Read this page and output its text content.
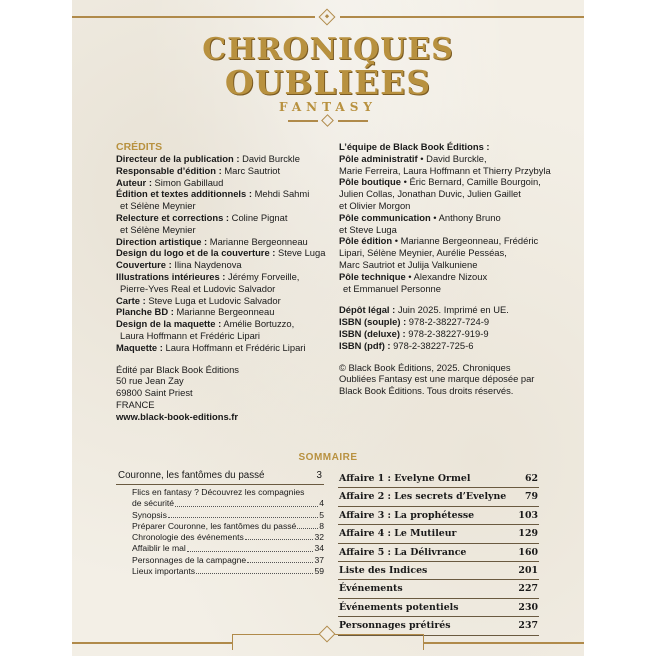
CHRONIQUES
OUBLIÉES
FANTASY
CRÉDITS
Directeur de la publication : David Burckle
Responsable d’édition : Marc Sautriot
Auteur : Simon Gabillaud
Édition et textes additionnels : Mehdi Sahmi
et Sélène Meynier
Relecture et corrections : Coline Pignat
et Sélène Meynier
Direction artistique : Marianne Bergeonneau
Design du logo et de la couverture : Steve Luga
Couverture : Ilina Naydenova
Illustrations intérieures : Jérémy Forveille,
Pierre-Yves Real et Ludovic Salvador
Carte : Steve Luga et Ludovic Salvador
Planche BD : Marianne Bergeonneau
Design de la maquette : Amélie Bortuzzo,
Laura Hoffmann et Frédéric Lipari
Maquette : Laura Hoffmann et Frédéric Lipari
Édité par Black Book Éditions
50 rue Jean Zay
69800 Saint Priest
FRANCE
www.black-book-editions.fr
L’équipe de Black Book Éditions :
Pôle administratif • David Burckle,
Marie Ferreira, Laura Hoffmann et Thierry Przybyla
Pôle boutique • Éric Bernard, Camille Bourgoin,
Julien Collas, Jonathan Duvic, Julien Gaillet
et Olivier Morgon
Pôle communication • Anthony Bruno
et Steve Luga
Pôle édition • Marianne Bergeonneau, Frédéric
Lipari, Sélène Meynier, Aurélie Pesséas,
Marc Sautriot et Julija Valkuniene
Pôle technique • Alexandre Nizoux
et Emmanuel Personne
Dépôt légal : Juin 2025. Imprimé en UE.
ISBN (souple) : 978-2-38227-724-9
ISBN (deluxe) : 978-2-38227-919-9
ISBN (pdf) : 978-2-38227-725-6
© Black Book Éditions, 2025. Chroniques
Oubliées Fantasy est une marque déposée par
Black Book Éditions. Tous droits réservés.
SOMMAIRE
Couronne, les fantômes du passé	3
Flics en fantasy ? Découvrez les compagnies
de sécurité	4
Synopsis	5
Préparer Couronne, les fantômes du passé	8
Chronologie des événements	32
Affaiblir le mal	34
Personnages de la campagne	37
Lieux importants	59
Affaire 1 : Evelyne Ormel	62
Affaire 2 : Les secrets d’Evelyne 79
Affaire 3 : La prophétesse	103
Affaire 4 : Le Mutileur	129
Affaire 5 : La Délivrance	160
Liste des Indices	201
Événements	227
Événements potentiels	230
Personnages prétirés	237
